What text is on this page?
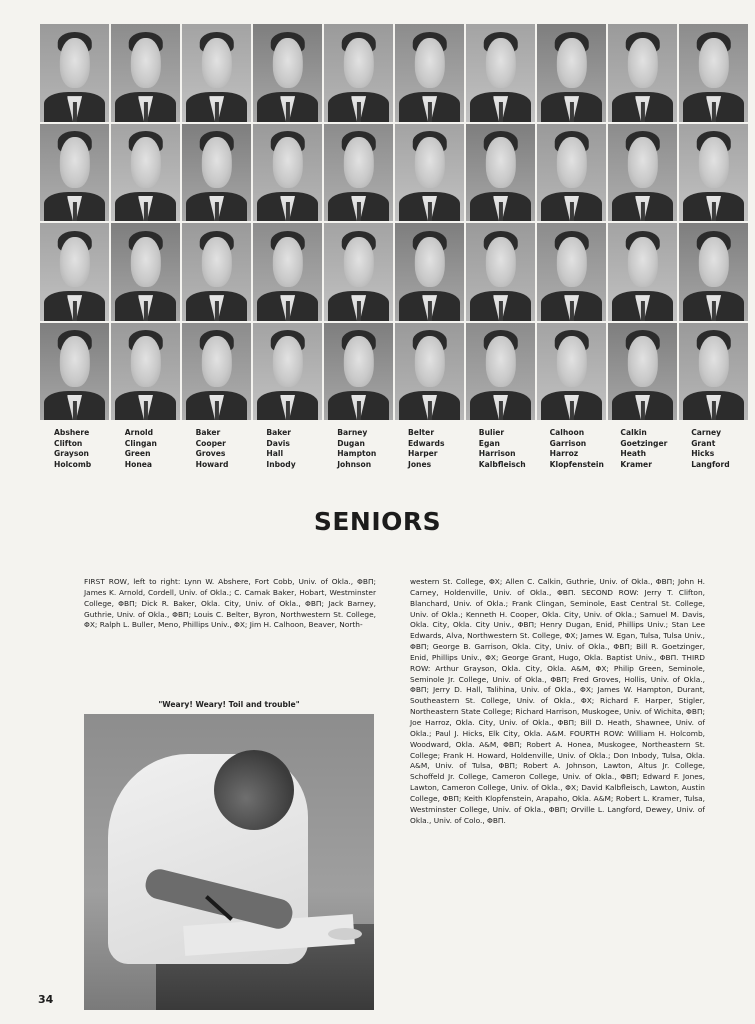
Abshere
Clifton
Grayson
Holcomb
Arnold
Clingan
Green
Honea
Baker
Cooper
Groves
Howard
Baker
Davis
Hall
Inbody
Barney
Dugan
Hampton
Johnson
Belter
Edwards
Harper
Jones
Bulier
Egan
Harrison
Kalbfleisch
Calhoon
Garrison
Harroz
Klopfenstein
Calkin
Goetzinger
Heath
Kramer
Carney
Grant
Hicks
Langford
SENIORS
FIRST ROW, left to right: Lynn W. Abshere, Fort Cobb, Univ. of Okla., ΦBΠ; James K. Arnold, Cordell, Univ. of Okla.; C. Camak Baker, Hobart, Westminster College, ΦBΠ; Dick R. Baker, Okla. City, Univ. of Okla., ΦBΠ; Jack Barney, Guthrie, Univ. of Okla., ΦBΠ; Louis C. Belter, Byron, Northwestern St. College, ΦX; Ralph L. Buller, Meno, Phillips Univ., ΦX; Jim H. Calhoon, Beaver, North-
western St. College, ΦX; Allen C. Calkin, Guthrie, Univ. of Okla., ΦBΠ; John H. Carney, Holdenville, Univ. of Okla., ΦBΠ. SECOND ROW: Jerry T. Clifton, Blanchard, Univ. of Okla.; Frank Clingan, Seminole, East Central St. College, Univ. of Okla.; Kenneth H. Cooper, Okla. City, Univ. of Okla.; Samuel M. Davis, Okla. City, Okla. City Univ., ΦBΠ; Henry Dugan, Enid, Phillips Univ.; Stan Lee Edwards, Alva, Northwestern St. College, ΦX; James W. Egan, Tulsa, Tulsa Univ., ΦBΠ; George B. Garrison, Okla. City, Univ. of Okla., ΦBΠ; Bill R. Goetzinger, Enid, Phillips Univ., ΦX; George Grant, Hugo, Okla. Baptist Univ., ΦBΠ. THIRD ROW: Arthur Grayson, Okla. City, Okla. A&M, ΦX; Philip Green, Seminole, Seminole Jr. College, Univ. of Okla., ΦBΠ; Fred Groves, Hollis, Univ. of Okla., ΦBΠ; Jerry D. Hall, Talihina, Univ. of Okla., ΦX; James W. Hampton, Durant, Southeastern St. College, Univ. of Okla., ΦX; Richard F. Harper, Stigler, Northeastern State College; Richard Harrison, Muskogee, Univ. of Wichita, ΦBΠ; Joe Harroz, Okla. City, Univ. of Okla., ΦBΠ; Bill D. Heath, Shawnee, Univ. of Okla.; Paul J. Hicks, Elk City, Okla. A&M. FOURTH ROW: William H. Holcomb, Woodward, Okla. A&M, ΦBΠ; Robert A. Honea, Muskogee, Northeastern St. College; Frank H. Howard, Holdenville, Univ. of Okla.; Don Inbody, Tulsa, Okla. A&M, Univ. of Tulsa, ΦBΠ; Robert A. Johnson, Lawton, Altus Jr. College, Schoffeld Jr. College, Cameron College, Univ. of Okla., ΦBΠ; Edward F. Jones, Lawton, Cameron College, Univ. of Okla., ΦX; David Kalbfleisch, Lawton, Austin College, ΦBΠ; Keith Klopfenstein, Arapaho, Okla. A&M; Robert L. Kramer, Tulsa, Westminster College, Univ. of Okla., ΦBΠ; Orville L. Langford, Dewey, Univ. of Okla., Univ. of Colo., ΦBΠ.
"Weary! Weary! Toil and trouble"
34
